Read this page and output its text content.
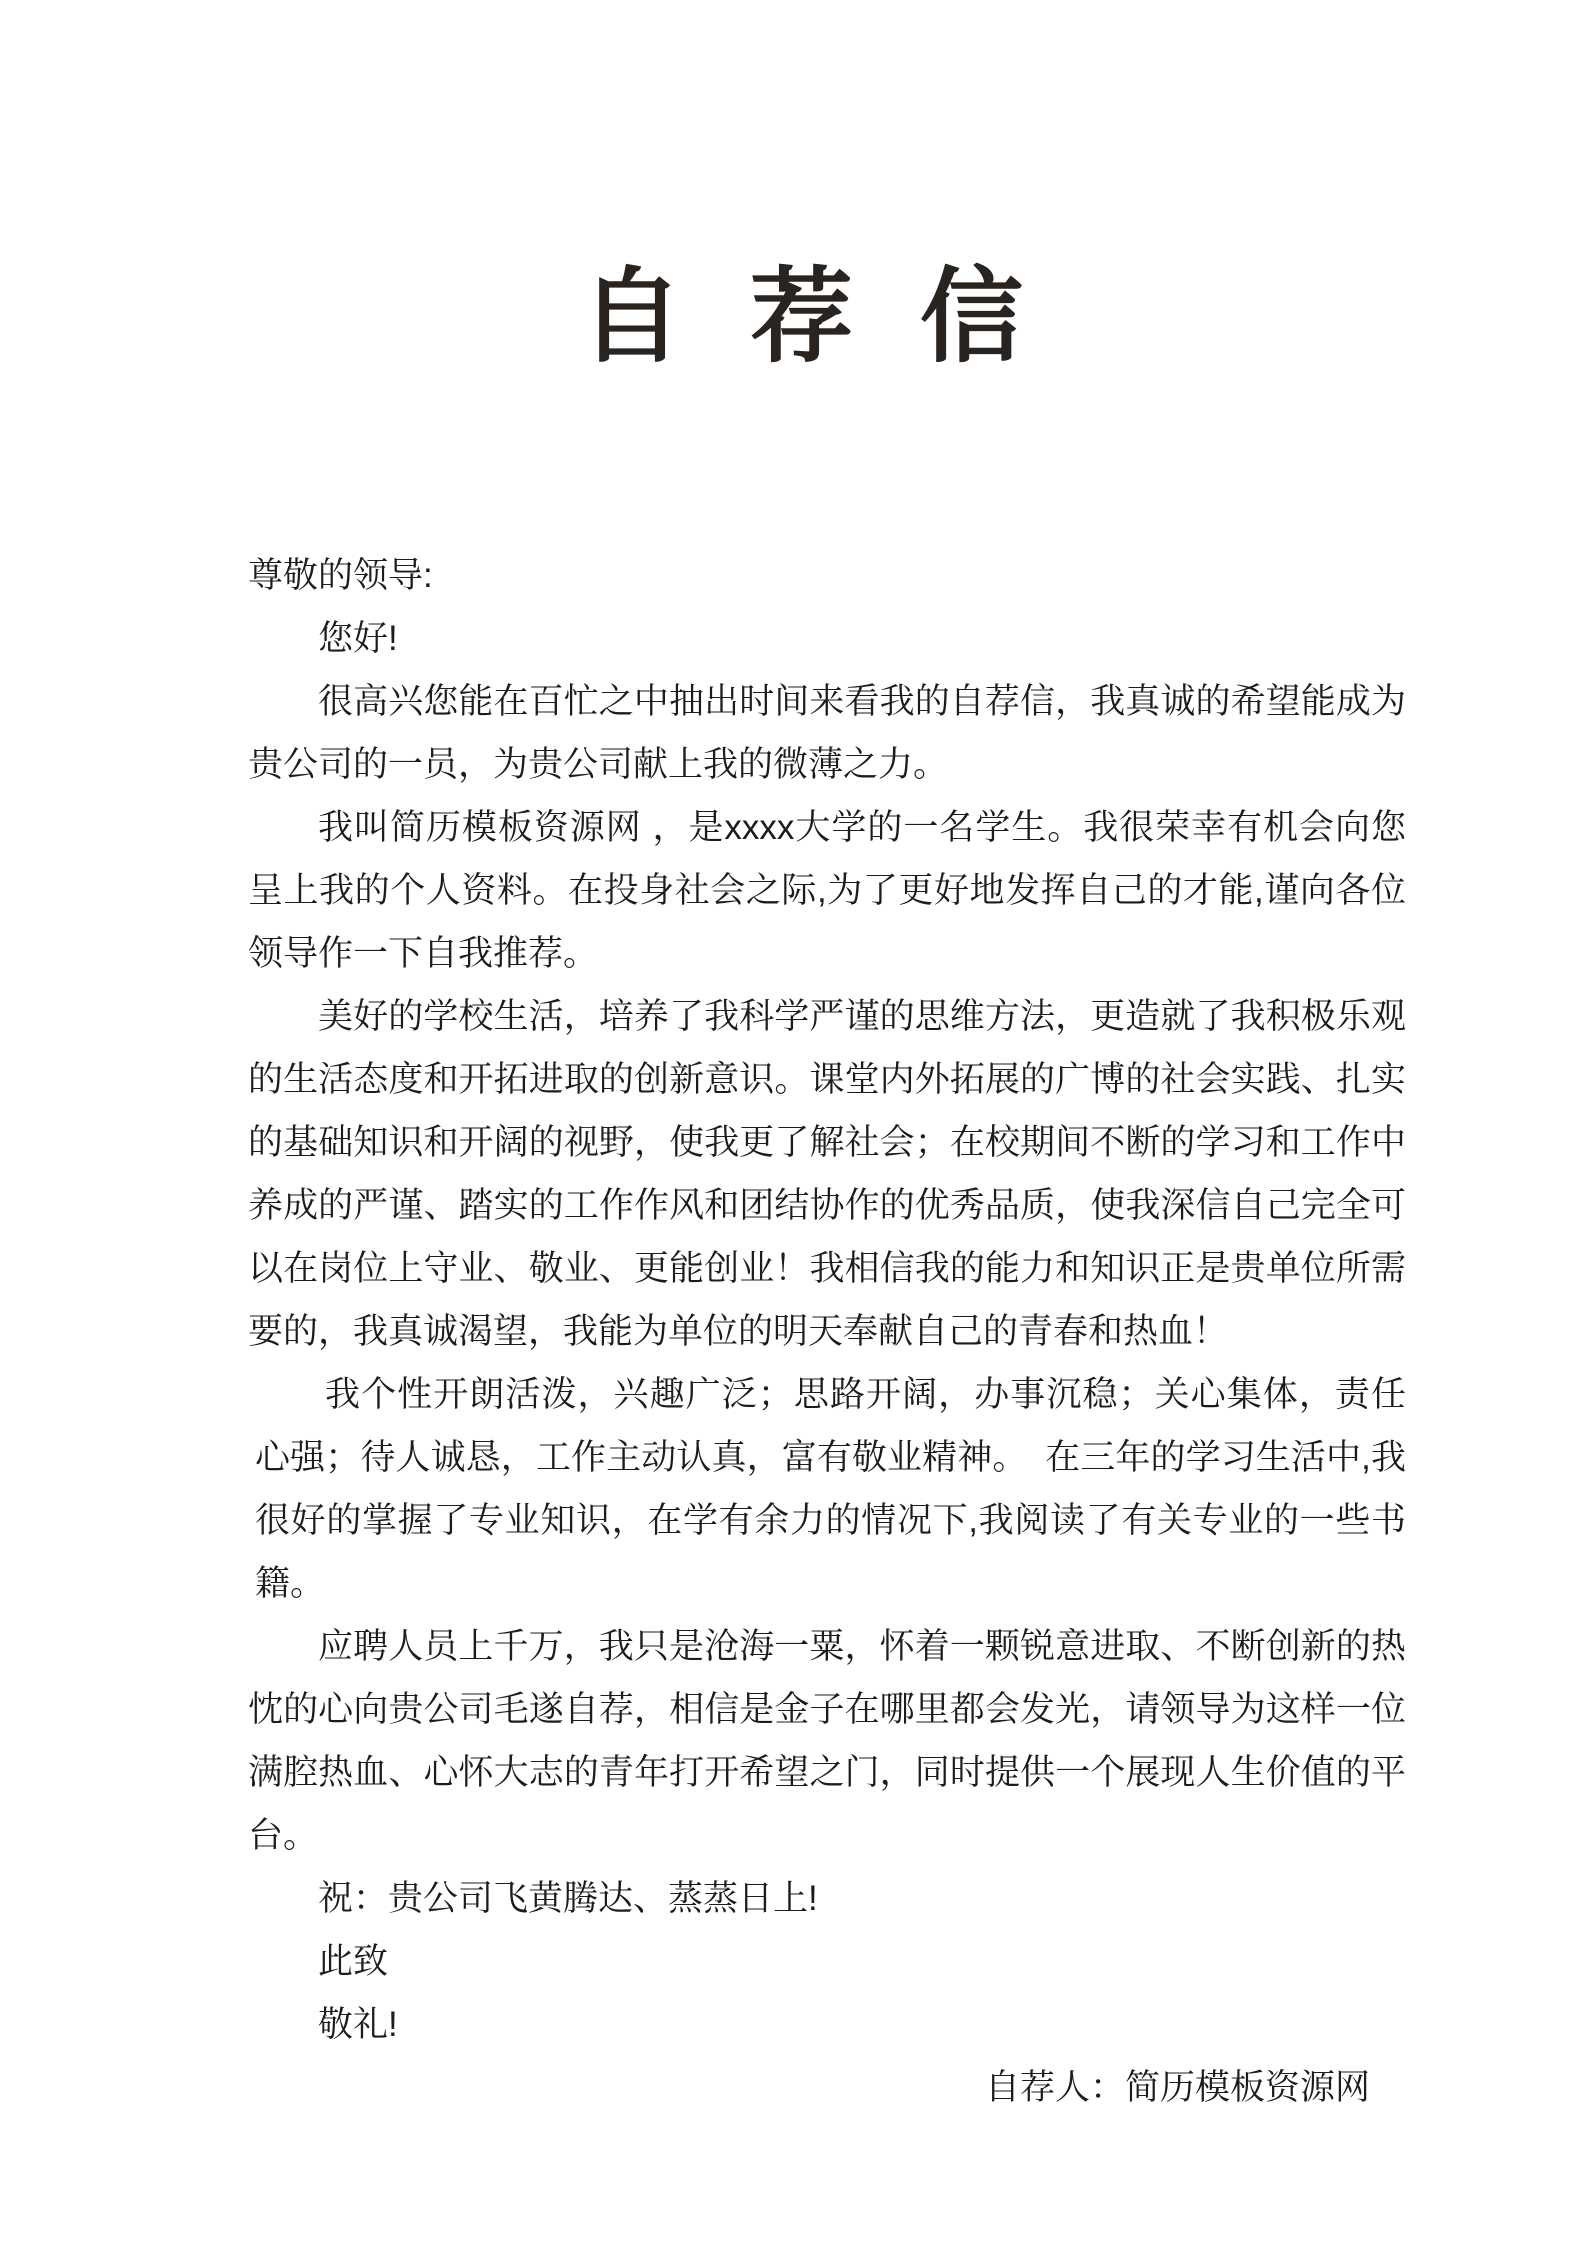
自荐信

尊敬的领导:

您好!

很高兴您能在百忙之中抽出时间来看我的自荐信，我真诚的希望能成为贵公司的一员，为贵公司献上我的微薄之力。

我叫简历模板资源网 ，是xxxx大学的一名学生。我很荣幸有机会向您呈上我的个人资料。在投身社会之际,为了更好地发挥自己的才能,谨向各位领导作一下自我推荐。

美好的学校生活，培养了我科学严谨的思维方法，更造就了我积极乐观的生活态度和开拓进取的创新意识。课堂内外拓展的广博的社会实践、扎实的基础知识和开阔的视野，使我更了解社会；在校期间不断的学习和工作中养成的严谨、踏实的工作作风和团结协作的优秀品质，使我深信自己完全可以在岗位上守业、敬业、更能创业！我相信我的能力和知识正是贵单位所需要的，我真诚渴望，我能为单位的明天奉献自己的青春和热血！

我个性开朗活泼，兴趣广泛；思路开阔，办事沉稳；关心集体，责任心强；待人诚恳，工作主动认真，富有敬业精神。　在三年的学习生活中,我很好的掌握了专业知识，在学有余力的情况下,我阅读了有关专业的一些书籍。

应聘人员上千万，我只是沧海一粟，怀着一颗锐意进取、不断创新的热忱的心向贵公司毛遂自荐，相信是金子在哪里都会发光，请领导为这样一位满腔热血、心怀大志的青年打开希望之门，同时提供一个展现人生价值的平台。

祝：贵公司飞黄腾达、蒸蒸日上!

此致

敬礼!

自荐人：简历模板资源网
